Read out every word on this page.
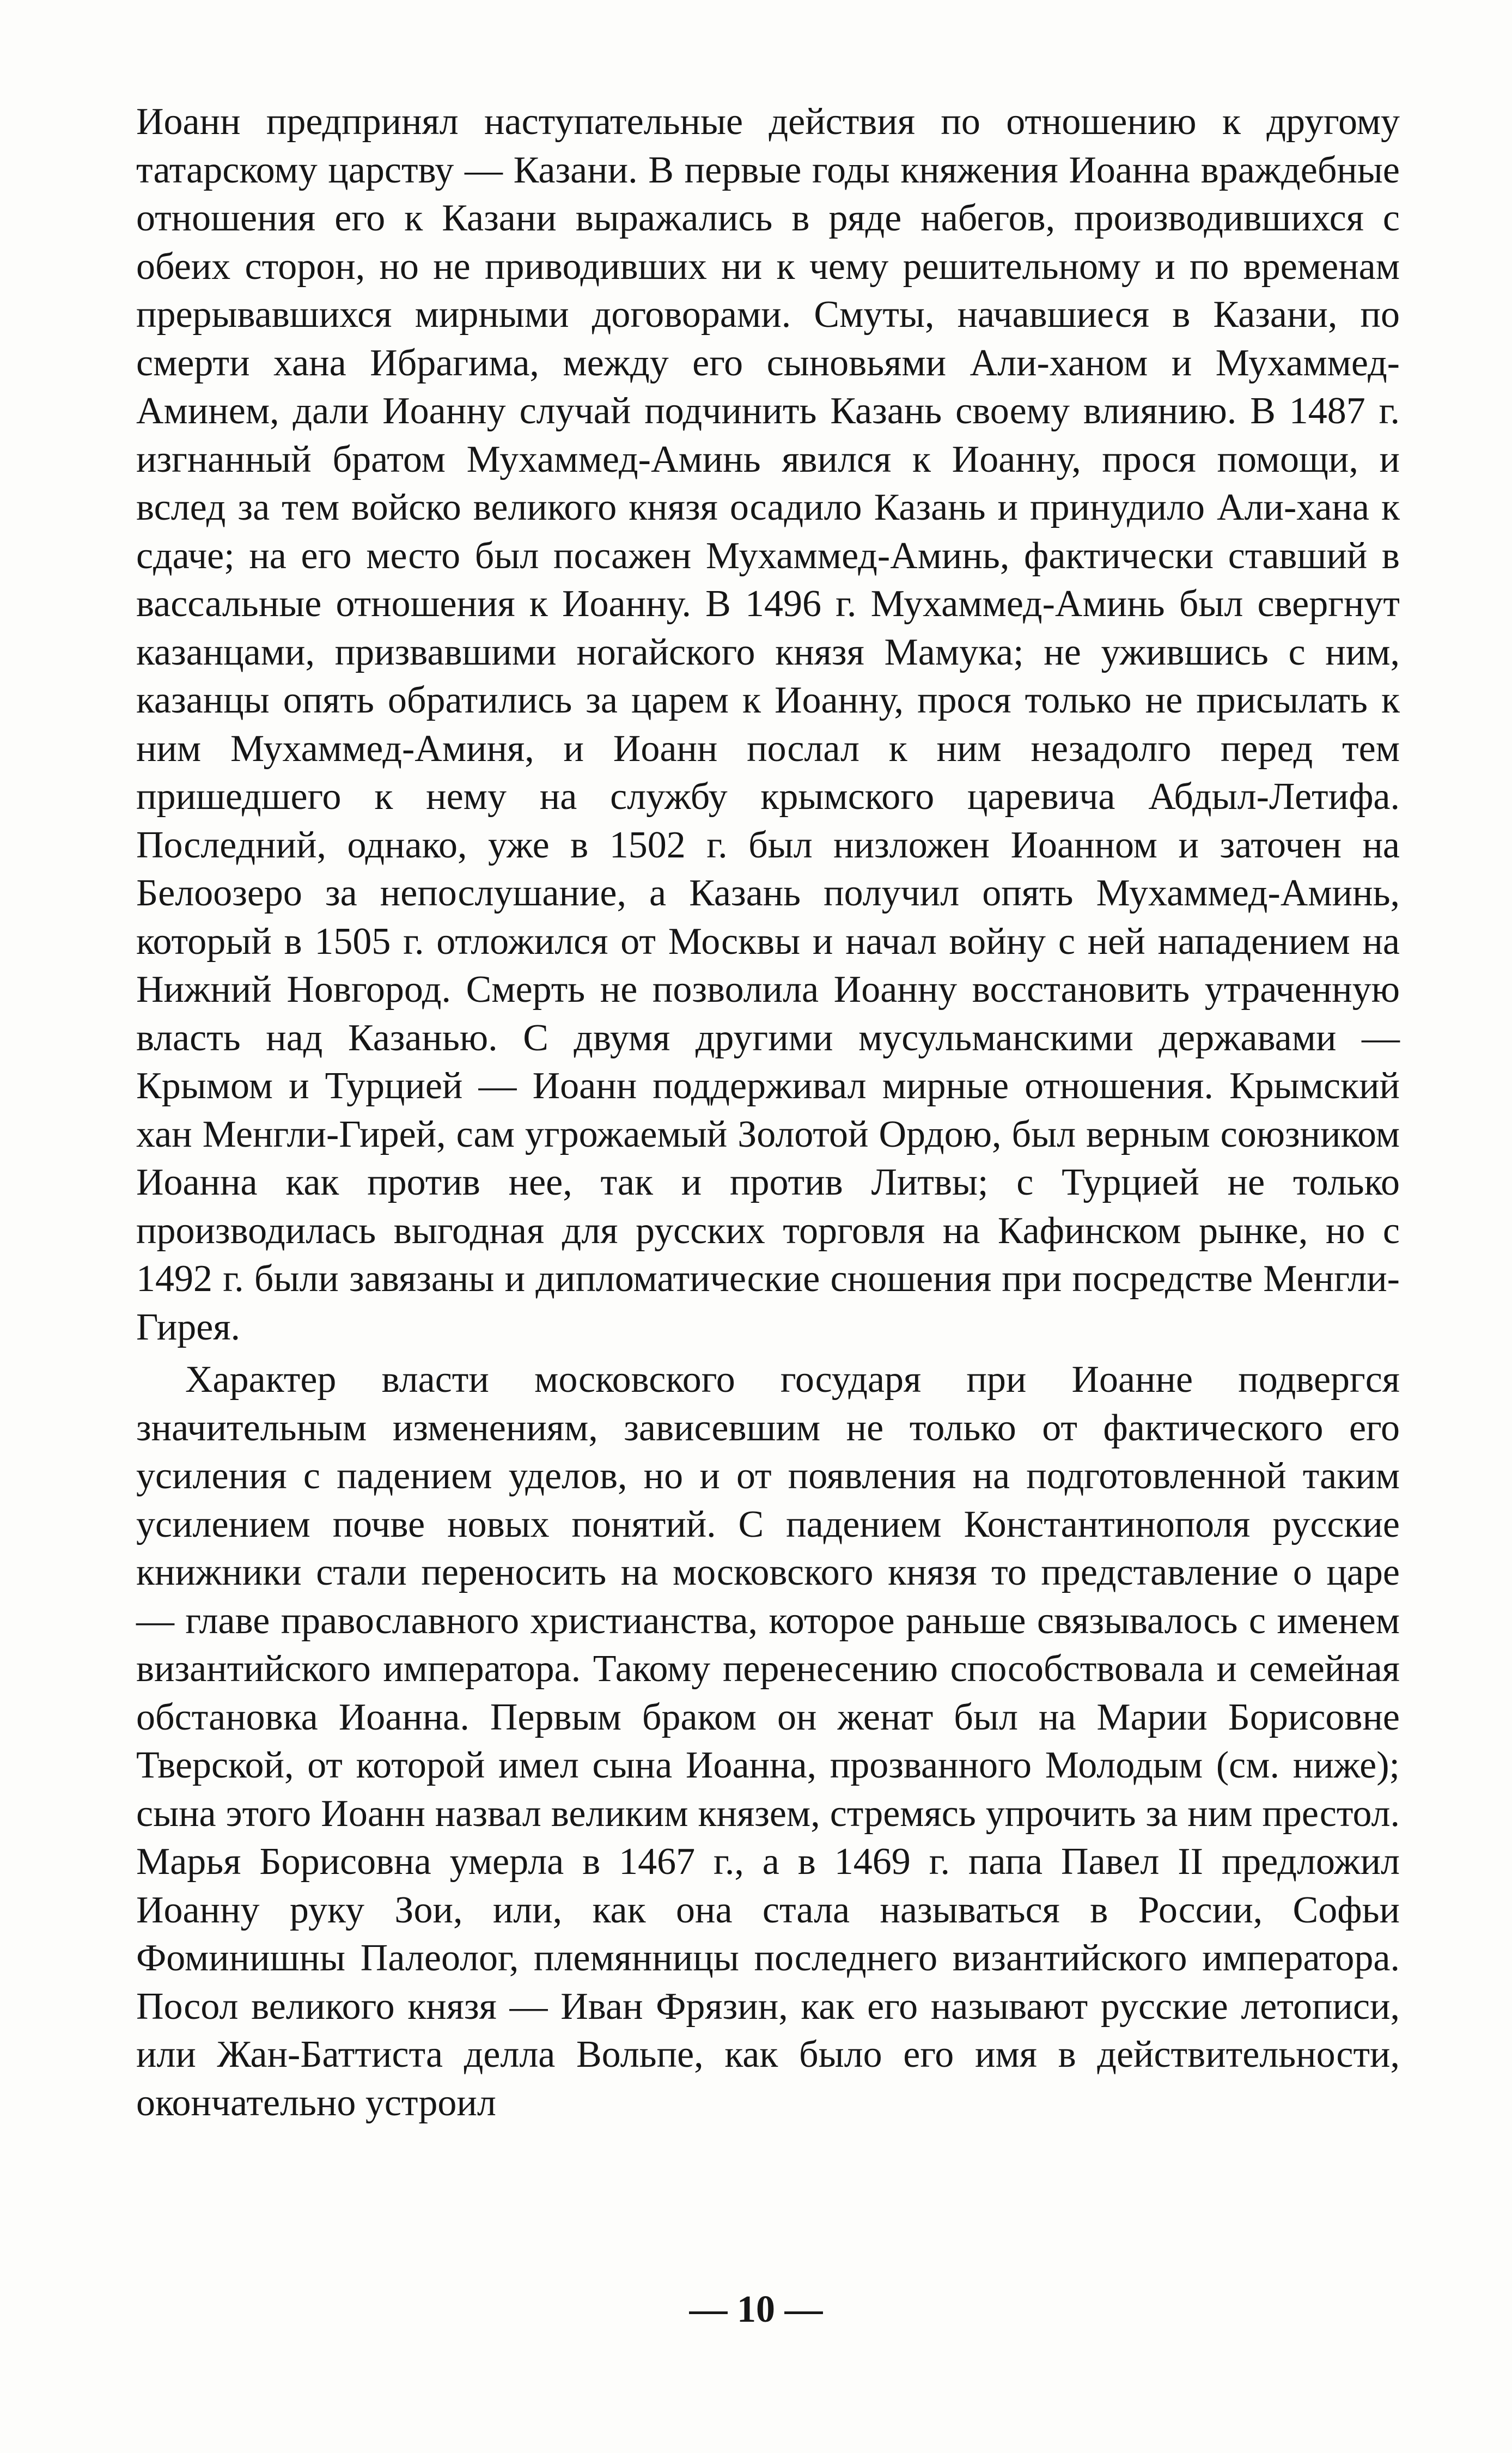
Иоанн предпринял наступательные действия по отношению к другому татарскому царству — Казани. В первые годы княжения Иоанна враждебные отношения его к Казани выражались в ряде набегов, производившихся с обеих сторон, но не приводивших ни к чему решительному и по временам прерывавшихся мирными договорами. Смуты, начавшиеся в Казани, по смерти хана Ибрагима, между его сыновьями Али-ханом и Мухаммед-Аминем, дали Иоанну случай подчинить Казань своему влиянию. В 1487 г. изгнанный братом Мухаммед-Аминь явился к Иоанну, прося помощи, и вслед за тем войско великого князя осадило Казань и принудило Али-хана к сдаче; на его место был посажен Мухаммед-Аминь, фактически ставший в вассальные отношения к Иоанну. В 1496 г. Мухаммед-Аминь был свергнут казанцами, призвавшими ногайского князя Мамука; не ужившись с ним, казанцы опять обратились за царем к Иоанну, прося только не присылать к ним Мухаммед-Аминя, и Иоанн послал к ним незадолго перед тем пришедшего к нему на службу крымского царевича Абдыл-Летифа. Последний, однако, уже в 1502 г. был низложен Иоанном и заточен на Белоозеро за непослушание, а Казань получил опять Мухаммед-Аминь, который в 1505 г. отложился от Москвы и начал войну с ней нападением на Нижний Новгород. Смерть не позволила Иоанну восстановить утраченную власть над Казанью. С двумя другими мусульманскими державами — Крымом и Турцией — Иоанн поддерживал мирные отношения. Крымский хан Менгли-Гирей, сам угрожаемый Золотой Ордою, был верным союзником Иоанна как против нее, так и против Литвы; с Турцией не только производилась выгодная для русских торговля на Кафинском рынке, но с 1492 г. были завязаны и дипломатические сношения при посредстве Менгли-Гирея.

Характер власти московского государя при Иоанне подвергся значительным изменениям, зависевшим не только от фактического его усиления с падением уделов, но и от появления на подготовленной таким усилением почве новых понятий. С падением Константинополя русские книжники стали переносить на московского князя то представление о царе — главе православного христианства, которое раньше связывалось с именем византийского императора. Такому перенесению способствовала и семейная обстановка Иоанна. Первым браком он женат был на Марии Борисовне Тверской, от которой имел сына Иоанна, прозванного Молодым (см. ниже); сына этого Иоанн назвал великим князем, стремясь упрочить за ним престол. Марья Борисовна умерла в 1467 г., а в 1469 г. папа Павел II предложил Иоанну руку Зои, или, как она стала называться в России, Софьи Фоминишны Палеолог, племянницы последнего византийского императора. Посол великого князя — Иван Фрязин, как его называют русские летописи, или Жан-Баттиста делла Вольпе, как было его имя в действительности, окончательно устроил

— 10 —
